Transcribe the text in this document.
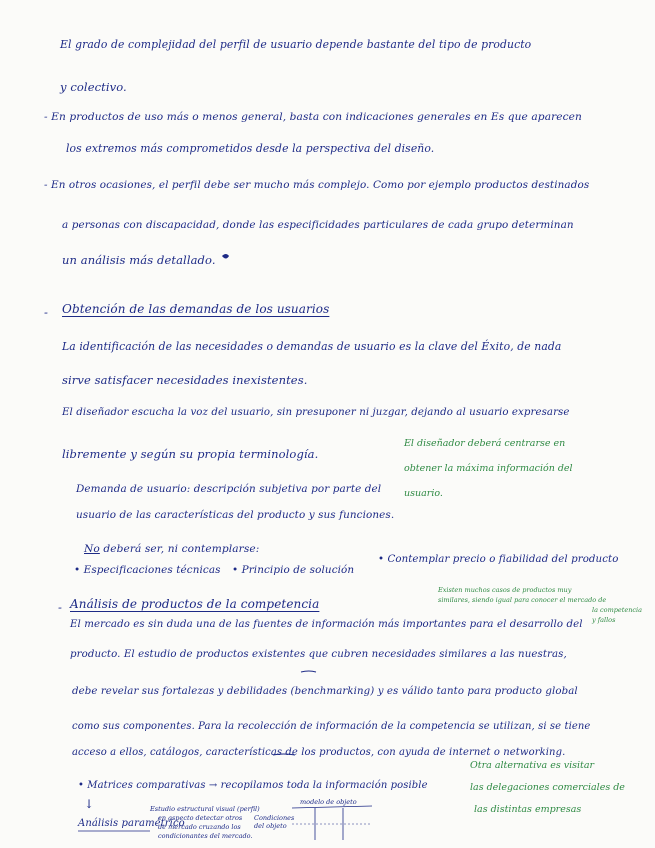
El grado de complejidad del perfil de usuario depende bastante del tipo de producto
y colectivo.
- En productos de uso más o menos general, basta con indicaciones generales en Es que aparecen
los extremos más comprometidos desde la perspectiva del diseño.
- En otros ocasiones, el perfil debe ser mucho más complejo. Como por ejemplo productos destinados
a personas con discapacidad, donde las especificidades particulares de cada grupo determinan
un análisis más detallado.
- Obtención de las demandas de los usuarios
La identificación de las necesidades o demandas de usuario es la clave del Éxito, de nada
sirve satisfacer necesidades inexistentes.
El diseñador escucha la voz del usuario, sin presuponer ni juzgar, dejando al usuario expresarse
libremente y según su propia terminología.
El diseñador deberá centrarse en
obtener la máxima información del
usuario.
Demanda de usuario: descripción subjetiva por parte del
usuario de las características del producto y sus funciones.
No deberá ser, ni contemplarse:
• Especificaciones técnicas • Principio de solución
• Contemplar precio o fiabilidad del producto
- Análisis de productos de la competencia
Existen muchos casos de productos muy
similares, siendo igual para conocer el mercado de
la competencia
y fallos
El mercado es sin duda una de las fuentes de información más importantes para el desarrollo del
producto. El estudio de productos existentes que cubren necesidades similares a las nuestras,
debe revelar sus fortalezas y debilidades (benchmarking) y es válido tanto para producto global
como sus componentes. Para la recolección de información de la competencia se utilizan, si se tiene
acceso a ellos, catálogos, características de los productos, con ayuda de internet o networking.
Otra alternativa es visitar
las delegaciones comerciales de
las distintas empresas
• Matrices comparativas → recopilamos toda la información posible
↓
Análisis paramétrico
Estudio estructural visual (perfil)
en aspecto detectar otros
de mercado cruzando los
condicionantes del mercado.
Condiciones del objeto
modelo de objeto
